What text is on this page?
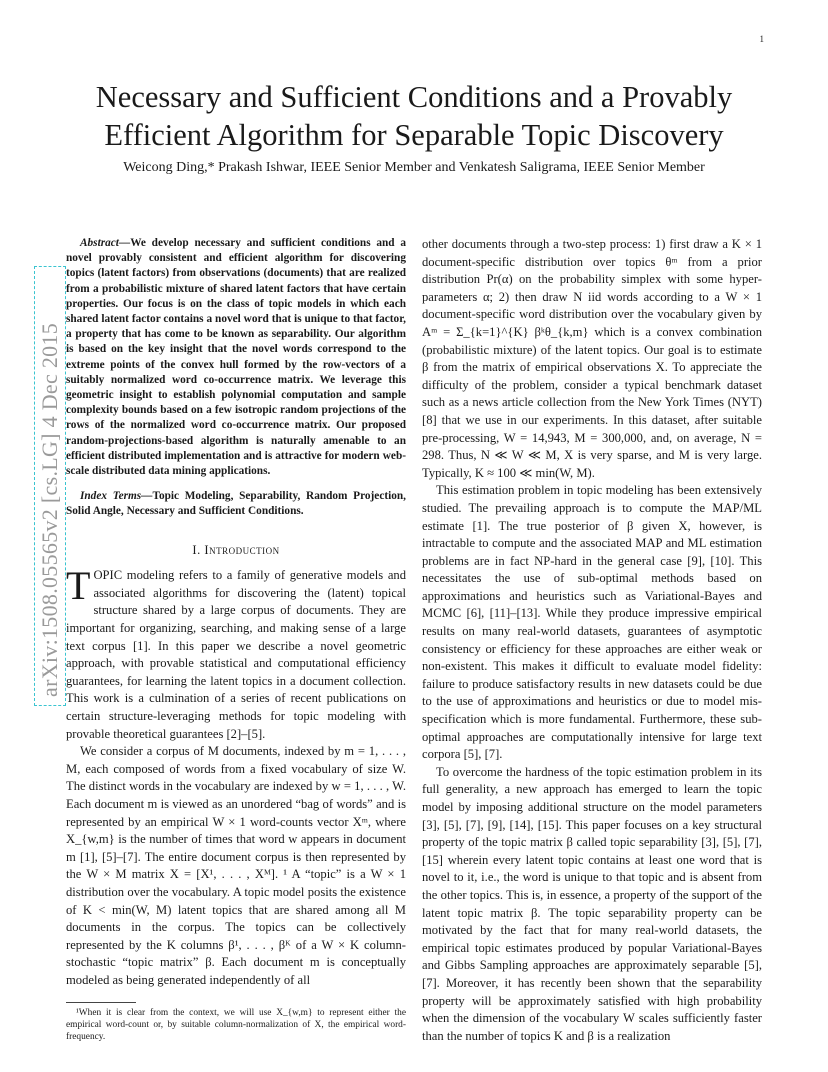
1
arXiv:1508.05565v2 [cs.LG] 4 Dec 2015
Necessary and Sufficient Conditions and a Provably
Efficient Algorithm for Separable Topic Discovery
Weicong Ding,* Prakash Ishwar, IEEE Senior Member and Venkatesh Saligrama, IEEE Senior Member

Abstract—We develop necessary and sufficient conditions and a novel provably consistent and efficient algorithm for discovering topics (latent factors) from observations (documents) that are realized from a probabilistic mixture of shared latent factors that have certain properties. Our focus is on the class of topic models in which each shared latent factor contains a novel word that is unique to that factor, a property that has come to be known as separability. Our algorithm is based on the key insight that the novel words correspond to the extreme points of the convex hull formed by the row-vectors of a suitably normalized word co-occurrence matrix. We leverage this geometric insight to establish polynomial computation and sample complexity bounds based on a few isotropic random projections of the rows of the normalized word co-occurrence matrix. Our proposed random-projections-based algorithm is naturally amenable to an efficient distributed implementation and is attractive for modern web-scale distributed data mining applications.

Index Terms—Topic Modeling, Separability, Random Projection, Solid Angle, Necessary and Sufficient Conditions.

I. Introduction

TOPIC modeling refers to a family of generative models and associated algorithms for discovering the (latent) topical structure shared by a large corpus of documents. They are important for organizing, searching, and making sense of a large text corpus [1]. In this paper we describe a novel geometric approach, with provable statistical and computational efficiency guarantees, for learning the latent topics in a document collection. This work is a culmination of a series of recent publications on certain structure-leveraging methods for topic modeling with provable theoretical guarantees [2]–[5].

We consider a corpus of M documents, indexed by m = 1, . . . , M, each composed of words from a fixed vocabulary of size W. The distinct words in the vocabulary are indexed by w = 1, . . . , W. Each document m is viewed as an unordered “bag of words” and is represented by an empirical W × 1 word-counts vector Xᵐ, where X_{w,m} is the number of times that word w appears in document m [1], [5]–[7]. The entire document corpus is then represented by the W × M matrix X = [X¹, . . . , Xᴹ]. ¹ A “topic” is a W × 1 distribution over the vocabulary. A topic model posits the existence of K < min(W, M) latent topics that are shared among all M documents in the corpus. The topics can be collectively represented by the K columns β¹, . . . , βᴷ of a W × K column-stochastic “topic matrix” β. Each document m is conceptually modeled as being generated independently of all

¹When it is clear from the context, we will use X_{w,m} to represent either the empirical word-count or, by suitable column-normalization of X, the empirical word-frequency.

other documents through a two-step process: 1) first draw a K × 1 document-specific distribution over topics θᵐ from a prior distribution Pr(α) on the probability simplex with some hyper-parameters α; 2) then draw N iid words according to a W × 1 document-specific word distribution over the vocabulary given by Aᵐ = Σ_{k=1}^{K} βᵏθ_{k,m} which is a convex combination (probabilistic mixture) of the latent topics. Our goal is to estimate β from the matrix of empirical observations X. To appreciate the difficulty of the problem, consider a typical benchmark dataset such as a news article collection from the New York Times (NYT) [8] that we use in our experiments. In this dataset, after suitable pre-processing, W = 14,943, M = 300,000, and, on average, N = 298. Thus, N ≪ W ≪ M, X is very sparse, and M is very large. Typically, K ≈ 100 ≪ min(W, M).

This estimation problem in topic modeling has been extensively studied. The prevailing approach is to compute the MAP/ML estimate [1]. The true posterior of β given X, however, is intractable to compute and the associated MAP and ML estimation problems are in fact NP-hard in the general case [9], [10]. This necessitates the use of sub-optimal methods based on approximations and heuristics such as Variational-Bayes and MCMC [6], [11]–[13]. While they produce impressive empirical results on many real-world datasets, guarantees of asymptotic consistency or efficiency for these approaches are either weak or non-existent. This makes it difficult to evaluate model fidelity: failure to produce satisfactory results in new datasets could be due to the use of approximations and heuristics or due to model mis-specification which is more fundamental. Furthermore, these sub-optimal approaches are computationally intensive for large text corpora [5], [7].

To overcome the hardness of the topic estimation problem in its full generality, a new approach has emerged to learn the topic model by imposing additional structure on the model parameters [3], [5], [7], [9], [14], [15]. This paper focuses on a key structural property of the topic matrix β called topic separability [3], [5], [7], [15] wherein every latent topic contains at least one word that is novel to it, i.e., the word is unique to that topic and is absent from the other topics. This is, in essence, a property of the support of the latent topic matrix β. The topic separability property can be motivated by the fact that for many real-world datasets, the empirical topic estimates produced by popular Variational-Bayes and Gibbs Sampling approaches are approximately separable [5], [7]. Moreover, it has recently been shown that the separability property will be approximately satisfied with high probability when the dimension of the vocabulary W scales sufficiently faster than the number of topics K and β is a realization
